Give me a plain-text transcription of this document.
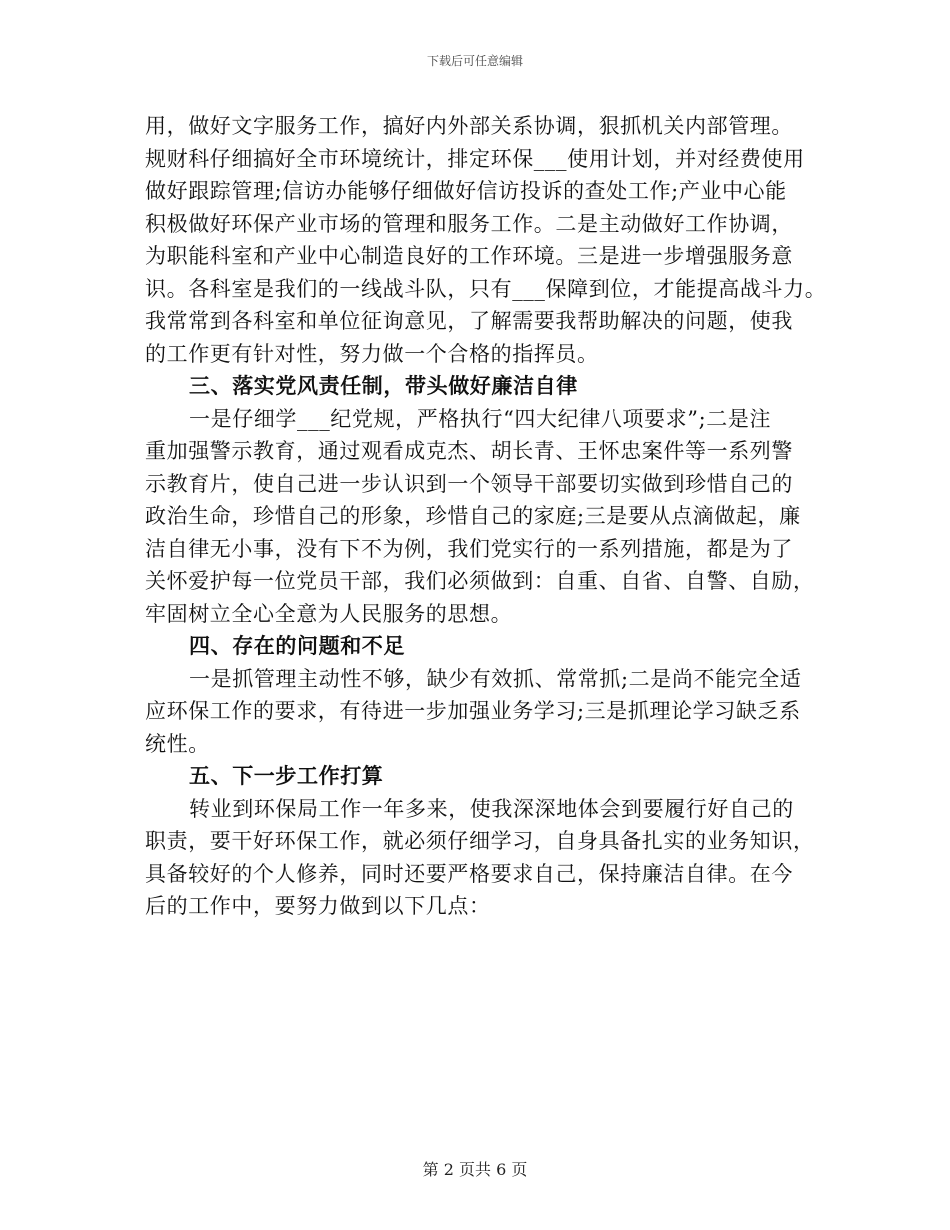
下载后可任意编辑
用，做好文字服务工作，搞好内外部关系协调，狠抓机关内部管理。
规财科仔细搞好全市环境统计，排定环保___使用计划，并对经费使用
做好跟踪管理;信访办能够仔细做好信访投诉的查处工作;产业中心能
积极做好环保产业市场的管理和服务工作。二是主动做好工作协调，
为职能科室和产业中心制造良好的工作环境。三是进一步增强服务意
识。各科室是我们的一线战斗队，只有___保障到位，才能提高战斗力。
我常常到各科室和单位征询意见，了解需要我帮助解决的问题，使我
的工作更有针对性，努力做一个合格的指挥员。
三、落实党风责任制，带头做好廉洁自律
一是仔细学___纪党规，严格执行“四大纪律八项要求”;二是注
重加强警示教育，通过观看成克杰、胡长青、王怀忠案件等一系列警
示教育片，使自己进一步认识到一个领导干部要切实做到珍惜自己的
政治生命，珍惜自己的形象，珍惜自己的家庭;三是要从点滴做起，廉
洁自律无小事，没有下不为例，我们党实行的一系列措施，都是为了
关怀爱护每一位党员干部，我们必须做到：自重、自省、自警、自励，
牢固树立全心全意为人民服务的思想。
四、存在的问题和不足
一是抓管理主动性不够，缺少有效抓、常常抓;二是尚不能完全适
应环保工作的要求，有待进一步加强业务学习;三是抓理论学习缺乏系
统性。
五、下一步工作打算
转业到环保局工作一年多来，使我深深地体会到要履行好自己的
职责，要干好环保工作，就必须仔细学习，自身具备扎实的业务知识，
具备较好的个人修养，同时还要严格要求自己，保持廉洁自律。在今
后的工作中，要努力做到以下几点：
第 2 页共 6 页
